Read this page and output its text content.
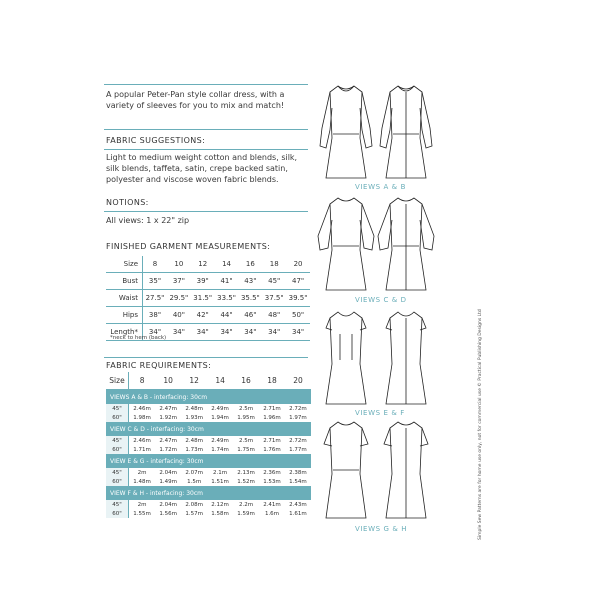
A popular Peter-Pan style collar dress, with a variety of sleeves for you to mix and match!
FABRIC SUGGESTIONS:
Light to medium weight cotton and blends, silk, silk blends, taffeta, satin, crepe backed satin, polyester and viscose woven fabric blends.
NOTIONS:
All views: 1 x 22" zip
FINISHED GARMENT MEASUREMENTS:
Size	8	10	12	14	16	18	20
Bust	35"	37"	39"	41"	43"	45"	47"
Waist	27.5"	29.5"	31.5"	33.5"	35.5"	37.5"	39.5"
Hips	38"	40"	42"	44"	46"	48"	50"
Length*	34"	34"	34"	34"	34"	34"	34"
*neck to hem (back)
FABRIC REQUIREMENTS:
Size	8	10	12	14	16	18	20
VIEWS A & B - interfacing: 30cm							
45"	2.46m	2.47m	2.48m	2.49m	2.5m	2.71m	2.72m
60"	1.98m	1.92m	1.93m	1.94m	1.95m	1.96m	1.97m
VIEW C & D - interfacing: 30cm							
45"	2.46m	2.47m	2.48m	2.49m	2.5m	2.71m	2.72m
60"	1.71m	1.72m	1.73m	1.74m	1.75m	1.76m	1.77m
VIEW E & G - interfacing: 30cm							
45"	2m	2.04m	2.07m	2.1m	2.13m	2.36m	2.38m
60"	1.48m	1.49m	1.5m	1.51m	1.52m	1.53m	1.54m
VIEW F & H - interfacing: 30cm							
45"	2m	2.04m	2.08m	2.12m	2.2m	2.41m	2.43m
60"	1.55m	1.56m	1.57m	1.58m	1.59m	1.6m	1.61m
VIEWS A & B
VIEWS C & D
VIEWS E & F
VIEWS G & H	Simple Sew Patterns are for home use only, not for commercial use © Practical Publishing Designs Ltd
